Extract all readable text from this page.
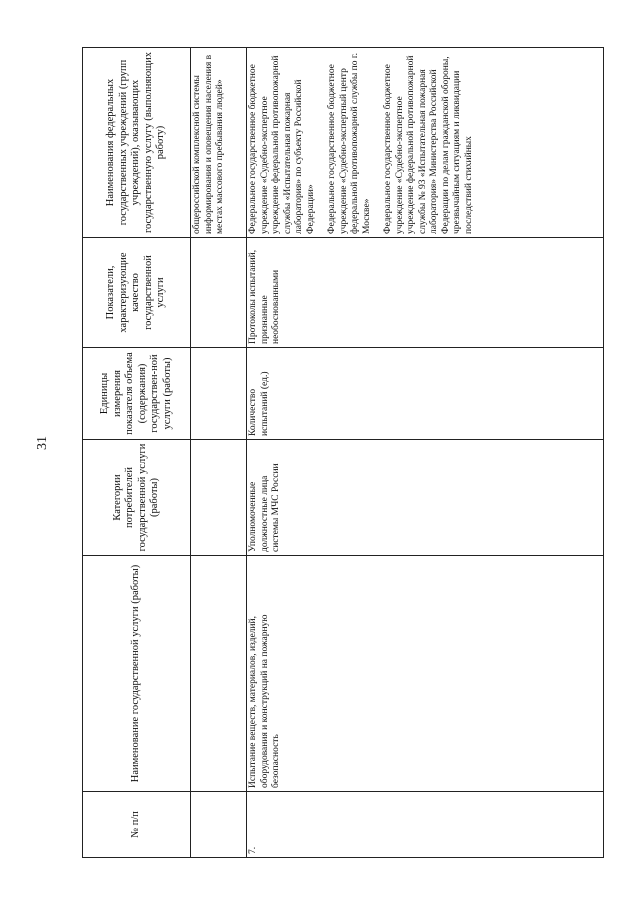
31
№ п/п	Наименование государственной услуги (работы)	Категории потребителей государственной услуги (работы)	Единицы измерения показателя объема (содержания) государствен-ной услуги (работы)	Показатели, характеризующие качество государственной услуги	Наименования федеральных государственных учреждений (групп учреждений), оказывающих государственную услугу (выполняющих работу)
					общероссийской комплексной системы информирования и оповещения населения в местах массового пребывания людей»
7.	Испытание веществ, материалов, изделий, оборудования и конструкций на пожарную безопасность	Уполномоченные должностные лица системы МЧС России	Количество испытаний (ед.)	Протоколы испытаний, признанные необоснованными	Федеральное государственное бюджетное учреждение «Судебно-экспертное учреждение федеральной противопожарной службы «Испытательная пожарная лаборатория» по субъекту Российской Федерации» Федеральное государственное бюджетное учреждение «Судебно-экспертный центр федеральной противопожарной службы по г. Москве» Федеральное государственное бюджетное учреждение «Судебно-экспертное учреждение федеральной противопожарной службы № 93 «Испытательная пожарная лаборатория» Министерства Российской Федерации по делам гражданской обороны, чрезвычайным ситуациям и ликвидации последствий стихийных
